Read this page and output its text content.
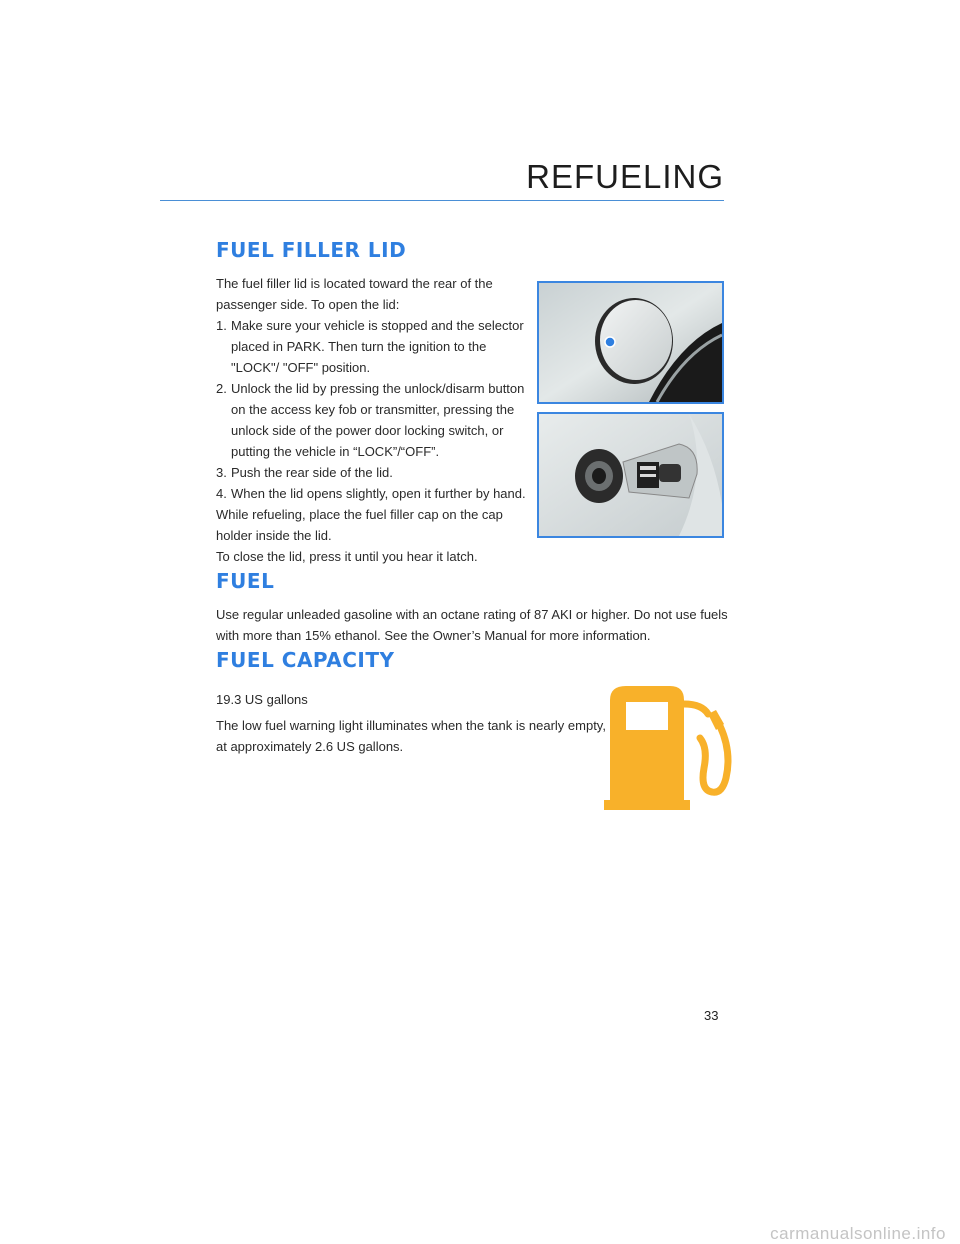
REFUELING
FUEL FILLER LID

The fuel filler lid is located toward the rear of the

passenger side. To open the lid:

1. Make sure your vehicle is stopped and the selector
placed in PARK. Then turn the ignition to the
"LOCK"/ "OFF" position.
2. Unlock the lid by pressing the unlock/disarm button
on the access key fob or transmitter, pressing the
unlock side of the power door locking switch, or
putting the vehicle in “LOCK”/“OFF”.
3. Push the rear side of the lid.
4. When the lid opens slightly, open it further by hand.

While refueling, place the fuel filler cap on the cap

holder inside the lid.

To close the lid, press it until you hear it latch.

FUEL

Use regular unleaded gasoline with an octane rating of 87 AKI or higher. Do not use fuels

with more than 15% ethanol. See the Owner’s Manual for more information.

FUEL CAPACITY

19.3 US gallons

The low fuel warning light illuminates when the tank is nearly empty,

at approximately 2.6 US gallons.

33
carmanualsonline.info
